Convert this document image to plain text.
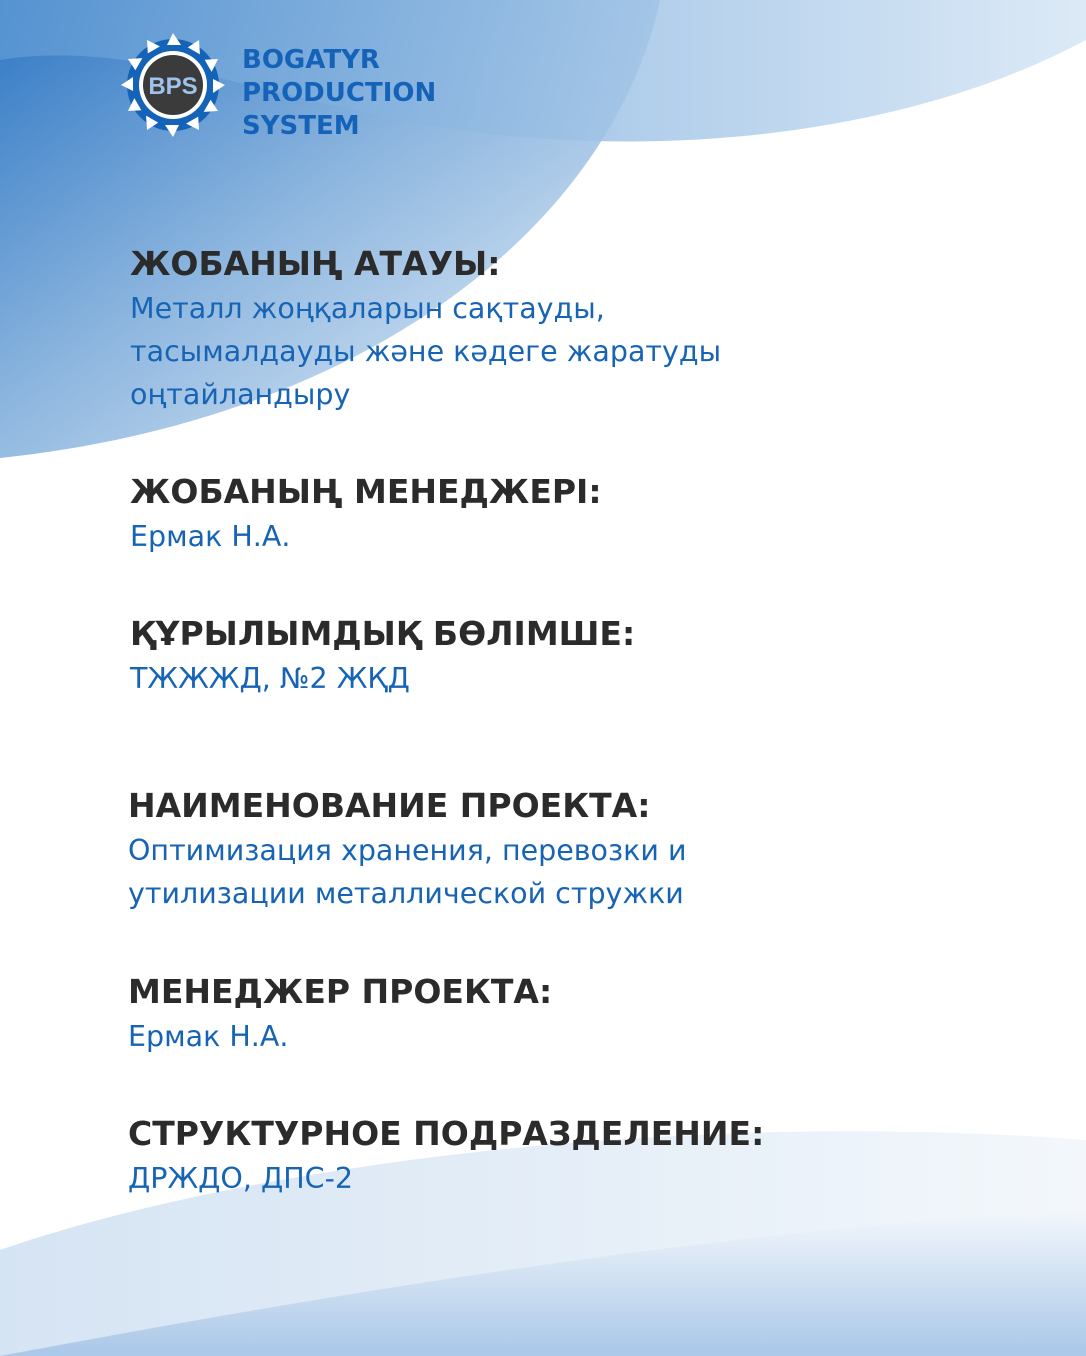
BPS
BOGATYR
PRODUCTION
SYSTEM
ЖОБАНЫҢ АТАУЫ:
Металл жоңқаларын сақтауды,
тасымалдауды және кәдеге жаратуды
оңтайландыру
ЖОБАНЫҢ МЕНЕДЖЕРІ:
Ермак Н.А.
ҚҰРЫЛЫМДЫҚ БӨЛІМШЕ:
ТЖЖЖД, №2 ЖҚД
НАИМЕНОВАНИЕ ПРОЕКТА:
Оптимизация хранения, перевозки и
утилизации металлической стружки
МЕНЕДЖЕР ПРОЕКТА:
Ермак Н.А.
СТРУКТУРНОЕ ПОДРАЗДЕЛЕНИЕ:
ДРЖДО, ДПС-2
